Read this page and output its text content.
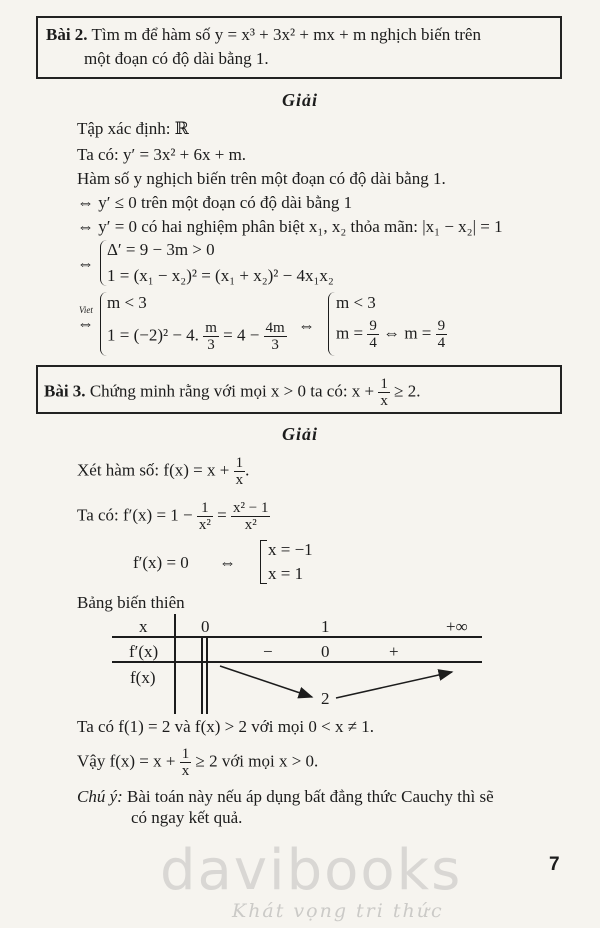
Bài 2. Tìm m để hàm số y = x³ + 3x² + mx + m nghịch biến trên
một đoạn có độ dài bằng 1.
Giải
Tập xác định: ℝ
Ta có: y′ = 3x² + 6x + m.
Hàm số y nghịch biến trên một đoạn có độ dài bằng 1.
⇔ y′ ≤ 0 trên một đoạn có độ dài bằng 1
⇔ y′ = 0 có hai nghiệm phân biệt x₁, x₂ thỏa mãn: |x₁ − x₂| = 1
⇔
Δ′ = 9 − 3m > 0
1 = (x₁ − x₂)² = (x₁ + x₂)² − 4x₁x₂
Viet
⇔
m < 3
1 = (−2)² − 4. $\frac{m}{3} = 4 - \frac{4m}{3}$ ⇔
m < 3
$m = \frac{9}{4}$ ⇔ $m = \frac{9}{4}$
Bài 3. Chứng minh rằng với mọi x > 0 ta có: $x + \frac{1}{x} \ge 2$.
Giải
Xét hàm số: $f(x) = x + \frac{1}{x}$ .
Ta có: $f'(x) = 1 - \frac{1}{\text{x²}} = \frac{\text{x² − 1}}{\text{x²}}$
f′(x) = 0 ⇔
x = −1
x = 1
Bảng biến thiên
x	0	1	+∞
f′(x)	−	0	+
f(x)
2
Ta có f(1) = 2 và f(x) > 2 với mọi 0 < x ≠ 1.
Vậy $f(x) = x + \frac{1}{x} \ge 2$ với mọi x > 0.
Chú ý: Bài toán này nếu áp dụng bất đẳng thức Cauchy thì sẽ
có ngay kết quả.
7
davibooks
Khát vọng tri thức
